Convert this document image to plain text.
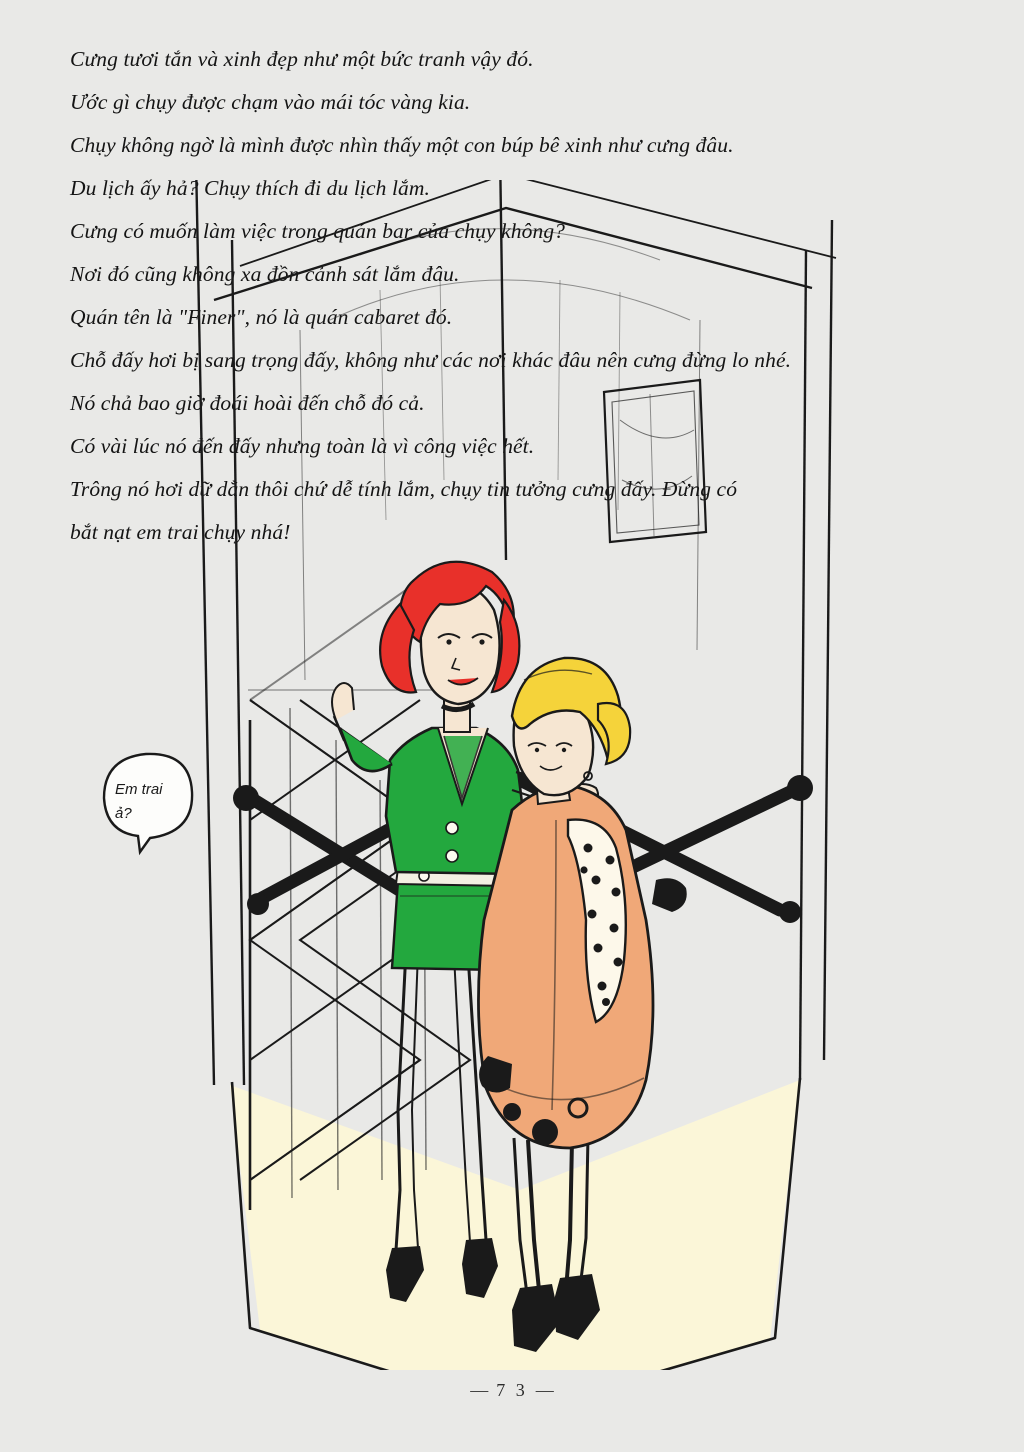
Cưng tươi tắn và xinh đẹp như một bức tranh vậy đó.
Ước gì chụy được chạm vào mái tóc vàng kia.
Chụy không ngờ là mình được nhìn thấy một con búp bê xinh như cưng đâu.
Du lịch ấy hả? Chụy thích đi du lịch lắm.
Cưng có muốn làm việc trong quán bar của chụy không?
Nơi đó cũng không xa đồn cảnh sát lắm đâu.
Quán tên là "Finer", nó là quán cabaret đó.
Chỗ đấy hơi bị sang trọng đấy, không như các nơi khác đâu nên cưng đừng lo nhé.
Nó chả bao giờ đoái hoài đến chỗ đó cả.
Có vài lúc nó đến đấy nhưng toàn là vì công việc hết.
Trông nó hơi dữ dằn thôi chứ dễ tính lắm, chụy tin tưởng cưng đấy. Đừng có
bắt nạt em trai chụy nhá!
Em trai
ả?
— 7 3 —
